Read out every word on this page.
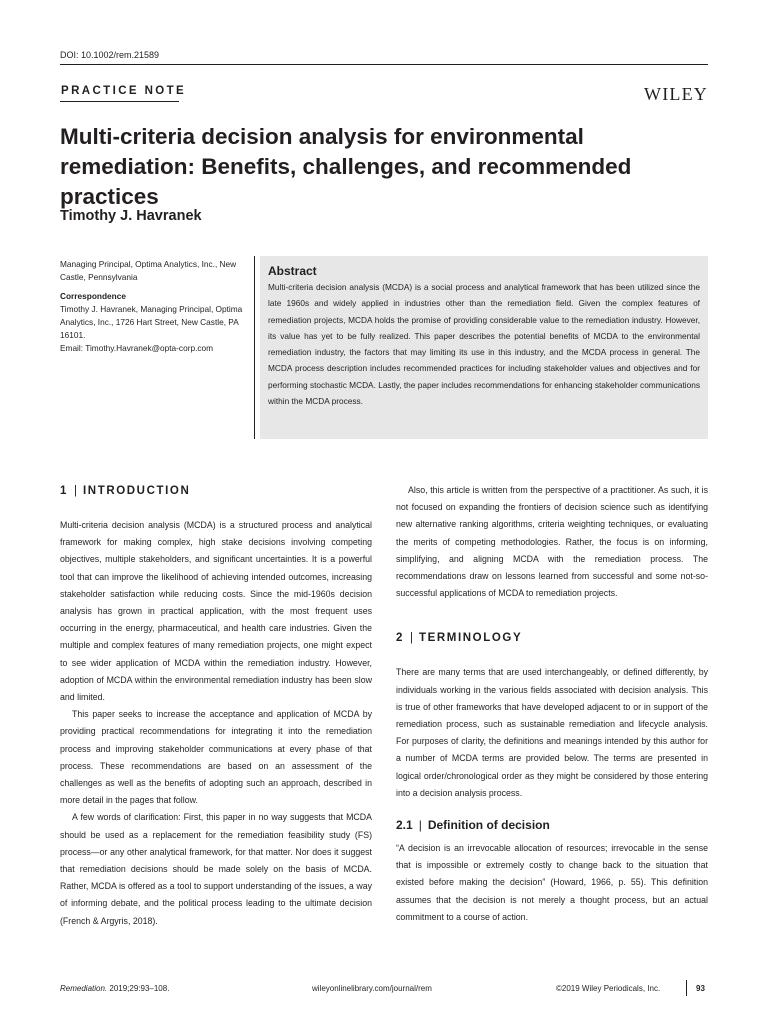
DOI: 10.1002/rem.21589
PRACTICE NOTE	WILEY
Multi-criteria decision analysis for environmental remediation: Benefits, challenges, and recommended practices
Timothy J. Havranek
Managing Principal, Optima Analytics, Inc., New Castle, Pennsylvania
Correspondence
Timothy J. Havranek, Managing Principal, Optima Analytics, Inc., 1726 Hart Street, New Castle, PA 16101.
Email: Timothy.Havranek@opta-corp.com
Abstract
Multi-criteria decision analysis (MCDA) is a social process and analytical framework that has been utilized since the late 1960s and widely applied in industries other than the remediation field. Given the complex features of remediation projects, MCDA holds the promise of providing considerable value to the remediation industry. However, its value has yet to be fully realized. This paper describes the potential benefits of MCDA to the environmental remediation industry, the factors that may limiting its use in this industry, and the MCDA process in general. The MCDA process description includes recommended practices for including stakeholder values and objectives and for performing stochastic MCDA. Lastly, the paper includes recommendations for enhancing stakeholder communications within the MCDA process.
1 | INTRODUCTION

Multi-criteria decision analysis (MCDA) is a structured process and analytical framework for making complex, high stake decisions involving competing objectives, multiple stakeholders, and significant uncertainties. It is a powerful tool that can improve the likelihood of achieving intended outcomes, increasing stakeholder satisfaction while reducing costs. Since the mid-1960s decision analysis has grown in practical application, with the most frequent uses occurring in the energy, pharmaceutical, and health care industries. Given the multiple and complex features of many remediation projects, one might expect to see wider application of MCDA within the remediation industry. However, adoption of MCDA within the environmental remediation industry has been slow and limited.

This paper seeks to increase the acceptance and application of MCDA by providing practical recommendations for integrating it into the remediation process and improving stakeholder communications at every phase of that process. These recommendations are based on an assessment of the challenges as well as the benefits of adopting such an approach, described in more detail in the pages that follow.

A few words of clarification: First, this paper in no way suggests that MCDA should be used as a replacement for the remediation feasibility study (FS) process—or any other analytical framework, for that matter. Nor does it suggest that remediation decisions should be made solely on the basis of MCDA. Rather, MCDA is offered as a tool to support understanding of the issues, a way of informing debate, and the political process leading to the ultimate decision (French & Argyris, 2018).

Also, this article is written from the perspective of a practitioner. As such, it is not focused on expanding the frontiers of decision science such as identifying new alternative ranking algorithms, criteria weighting techniques, or evaluating the merits of competing methodologies. Rather, the focus is on informing, simplifying, and aligning MCDA with the remediation process. The recommendations draw on lessons learned from successful and some not-so-successful applications of MCDA to remediation projects.

2 | TERMINOLOGY

There are many terms that are used interchangeably, or defined differently, by individuals working in the various fields associated with decision analysis. This is true of other frameworks that have developed adjacent to or in support of the remediation process, such as sustainable remediation and lifecycle analysis. For purposes of clarity, the definitions and meanings intended by this author for a number of MCDA terms are provided below. The terms are presented in logical order/chronological order as they might be considered by those entering into a decision analysis process.

2.1 | Definition of decision

“A decision is an irrevocable allocation of resources; irrevocable in the sense that is impossible or extremely costly to change back to the situation that existed before making the decision” (Howard, 1966, p. 55). This definition assumes that the decision is not merely a thought process, but an actual commitment to a course of action.

Remediation. 2019;29:93–108.	wileyonlinelibrary.com/journal/rem	©2019 Wiley Periodicals, Inc.	93
